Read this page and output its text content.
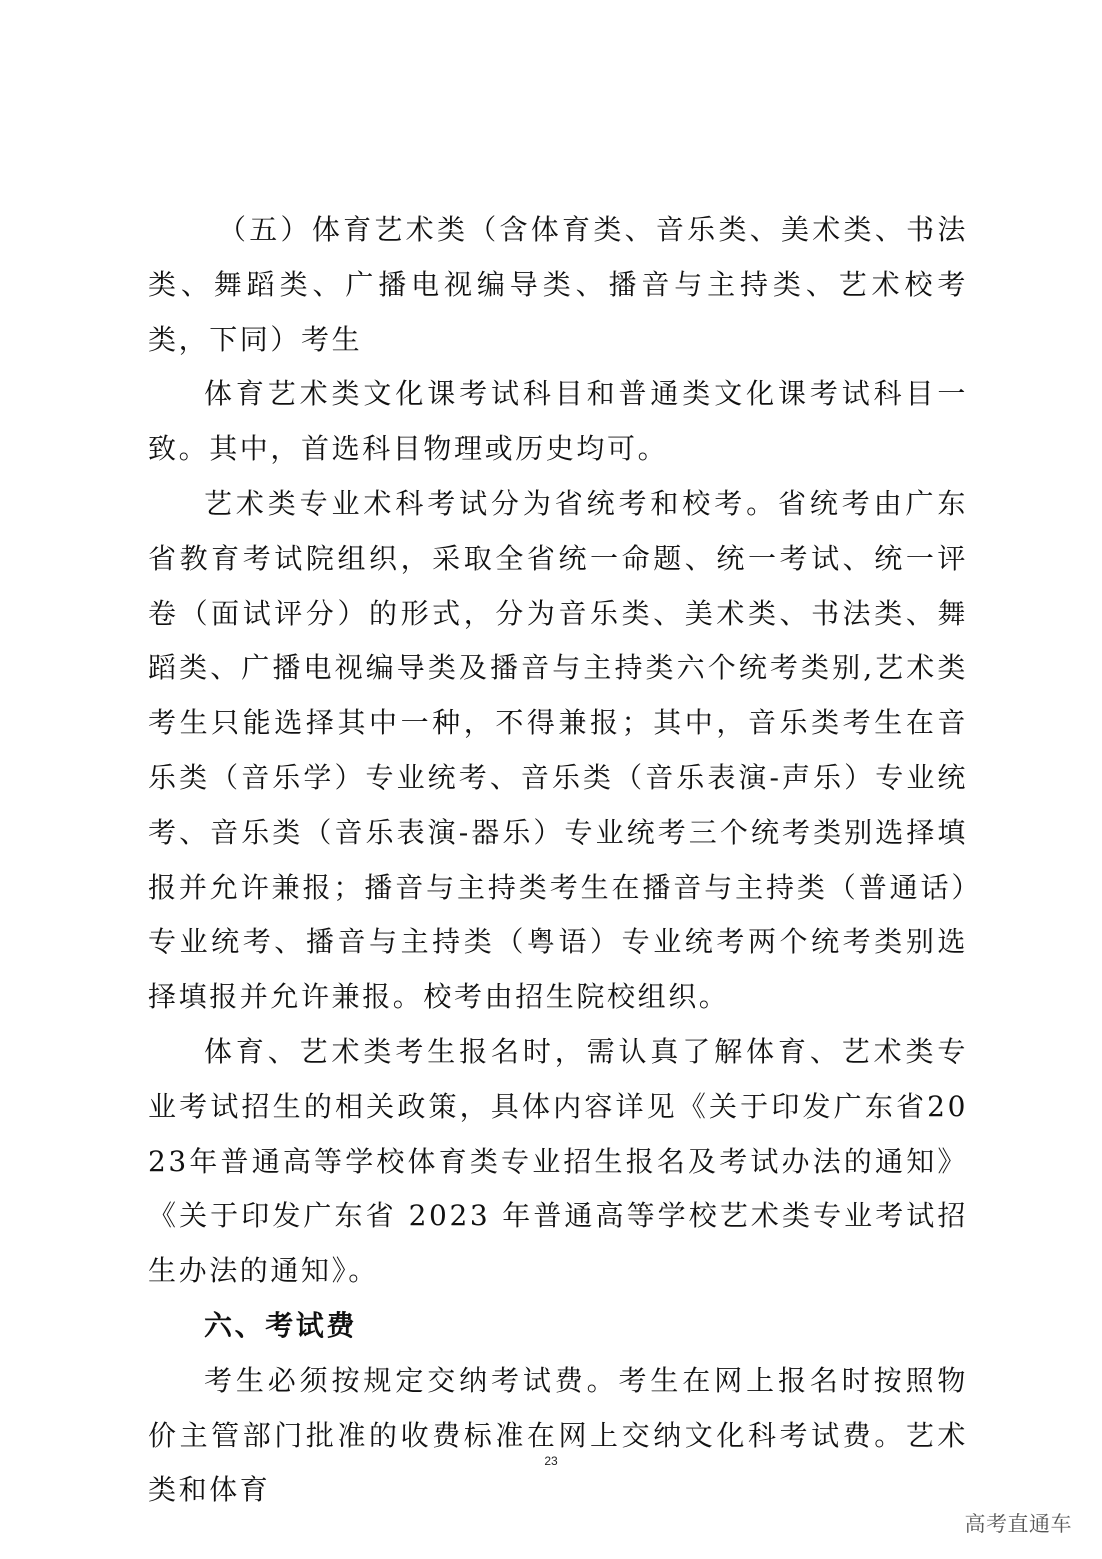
（五）体育艺术类（含体育类、音乐类、美术类、书法类、舞蹈类、广播电视编导类、播音与主持类、艺术校考类，下同）考生

体育艺术类文化课考试科目和普通类文化课考试科目一致。其中，首选科目物理或历史均可。

艺术类专业术科考试分为省统考和校考。省统考由广东省教育考试院组织，采取全省统一命题、统一考试、统一评卷（面试评分）的形式，分为音乐类、美术类、书法类、舞蹈类、广播电视编导类及播音与主持类六个统考类别,艺术类考生只能选择其中一种，不得兼报；其中，音乐类考生在音乐类（音乐学）专业统考、音乐类（音乐表演-声乐）专业统考、音乐类（音乐表演-器乐）专业统考三个统考类别选择填报并允许兼报；播音与主持类考生在播音与主持类（普通话）专业统考、播音与主持类（粤语）专业统考两个统考类别选择填报并允许兼报。校考由招生院校组织。

体育、艺术类考生报名时，需认真了解体育、艺术类专业考试招生的相关政策，具体内容详见《关于印发广东省2023年普通高等学校体育类专业招生报名及考试办法的通知》《关于印发广东省 2023 年普通高等学校艺术类专业考试招生办法的通知》。

六、考试费

考生必须按规定交纳考试费。考生在网上报名时按照物价主管部门批准的收费标准在网上交纳文化科考试费。艺术类和体育

23
高考直通车
